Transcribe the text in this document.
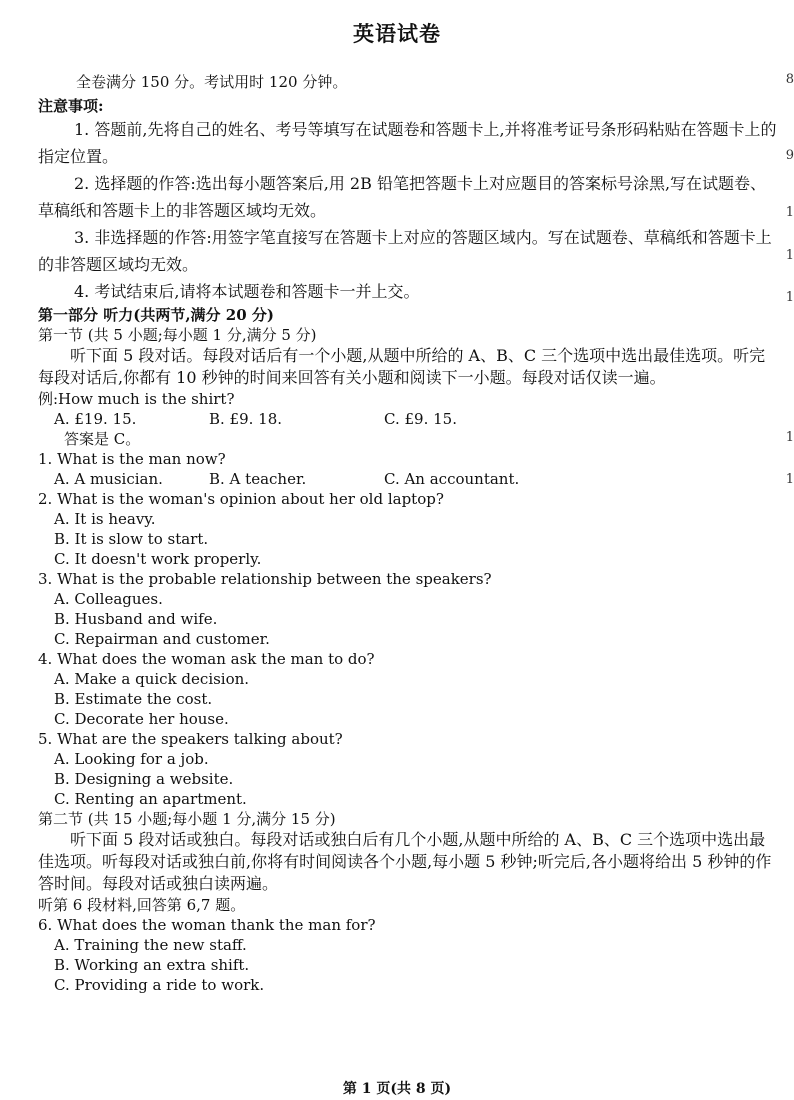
英语试卷
全卷满分 150 分。考试用时 120 分钟。
注意事项:

1. 答题前,先将自己的姓名、考号等填写在试题卷和答题卡上,并将准考证号条形码粘贴在答题卡上的指定位置。

2. 选择题的作答:选出每小题答案后,用 2B 铅笔把答题卡上对应题目的答案标号涂黑,写在试题卷、草稿纸和答题卡上的非答题区域均无效。

3. 非选择题的作答:用签字笔直接写在答题卡上对应的答题区域内。写在试题卷、草稿纸和答题卡上的非答题区域均无效。

4. 考试结束后,请将本试题卷和答题卡一并上交。

第一部分 听力(共两节,满分 20 分)
第一节 (共 5 小题;每小题 1 分,满分 5 分)

听下面 5 段对话。每段对话后有一个小题,从题中所给的 A、B、C 三个选项中选出最佳选项。听完每段对话后,你都有 10 秒钟的时间来回答有关小题和阅读下一小题。每段对话仅读一遍。

例:How much is the shirt?
A. £19. 15.	B. £9. 18.	C. £9. 15.
答案是 C。
1. What is the man now?
A. A musician.	B. A teacher.	C. An accountant.
2. What is the woman's opinion about her old laptop?
A. It is heavy.
B. It is slow to start.
C. It doesn't work properly.
3. What is the probable relationship between the speakers?
A. Colleagues.
B. Husband and wife.
C. Repairman and customer.
4. What does the woman ask the man to do?
A. Make a quick decision.
B. Estimate the cost.
C. Decorate her house.
5. What are the speakers talking about?
A. Looking for a job.
B. Designing a website.
C. Renting an apartment.
第二节 (共 15 小题;每小题 1 分,满分 15 分)

听下面 5 段对话或独白。每段对话或独白后有几个小题,从题中所给的 A、B、C 三个选项中选出最佳选项。听每段对话或独白前,你将有时间阅读各个小题,每小题 5 秒钟;听完后,各小题将给出 5 秒钟的作答时间。每段对话或独白读两遍。

听第 6 段材料,回答第 6,7 题。
6. What does the woman thank the man for?
A. Training the new staff.
B. Working an extra shift.
C. Providing a ride to work.
8
9
1
1
1
1
1
第 1 页(共 8 页)
